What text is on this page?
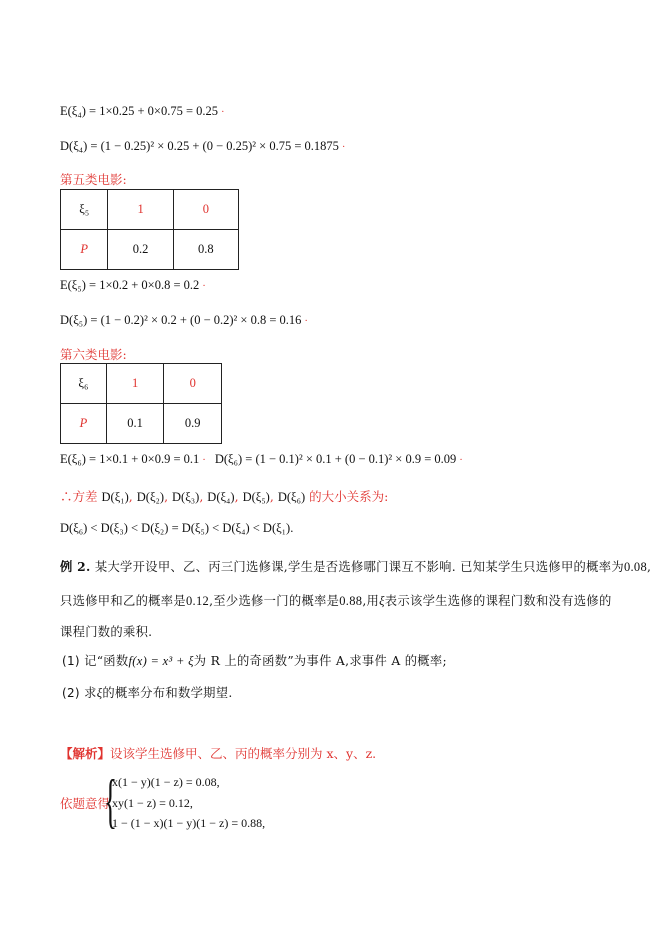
E(ξ₄) = 1×0.25 + 0×0.75 = 0.25 ·
D(ξ₄) = (1 − 0.25)² × 0.25 + (0 − 0.25)² × 0.75 = 0.1875 ·
第五类电影:
ξ₅	1	0
P	0.2	0.8
E(ξ₅) = 1×0.2 + 0×0.8 = 0.2 ·
D(ξ₅) = (1 − 0.2)² × 0.2 + (0 − 0.2)² × 0.8 = 0.16 ·
第六类电影:
ξ₆	1	0
P	0.1	0.9
E(ξ₆) = 1×0.1 + 0×0.9 = 0.1 · D(ξ₆) = (1 − 0.1)² × 0.1 + (0 − 0.1)² × 0.9 = 0.09 ·
∴方差 D(ξ₁), D(ξ₂), D(ξ₃), D(ξ₄), D(ξ₅), D(ξ₆) 的大小关系为:
D(ξ₆) < D(ξ₃) < D(ξ₂) = D(ξ₅) < D(ξ₄) < D(ξ₁).
例 2. 某大学开设甲、乙、丙三门选修课,学生是否选修哪门课互不影响. 已知某学生只选修甲的概率为0.08,
只选修甲和乙的概率是0.12,至少选修一门的概率是0.88,用ξ表示该学生选修的课程门数和没有选修的
课程门数的乘积.
(1) 记“函数f(x) = x³ + ξ为 R 上的奇函数”为事件 A,求事件 A 的概率;
(2) 求ξ的概率分布和数学期望.
【解析】设该学生选修甲、乙、丙的概率分别为 x、y、z.
依题意得
{
x(1 − y)(1 − z) = 0.08,
xy(1 − z) = 0.12,
1 − (1 − x)(1 − y)(1 − z) = 0.88,
